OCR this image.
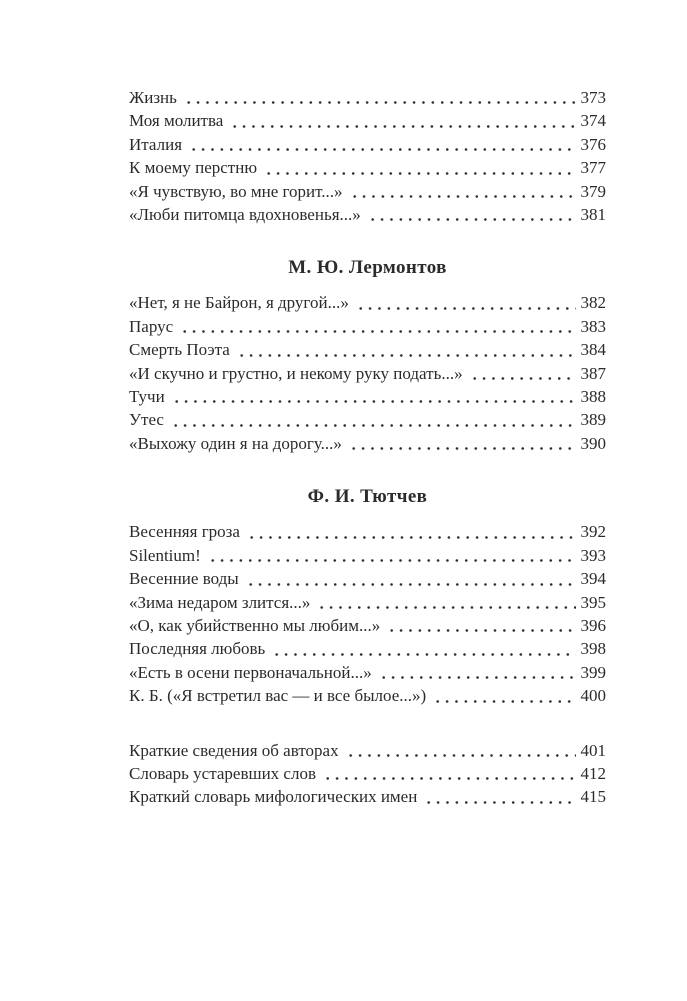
Жизнь	373
Моя молитва	374
Италия	376
К моему перстню	377
«Я чувствую, во мне горит...»	379
«Люби питомца вдохновенья...»	381
М. Ю. Лермонтов
«Нет, я не Байрон, я другой...»	382
Парус	383
Смерть Поэта	384
«И скучно и грустно, и некому руку подать...»	387
Тучи	388
Утес	389
«Выхожу один я на дорогу...»	390
Ф. И. Тютчев
Весенняя гроза	392
Silentium!	393
Весенние воды	394
«Зима недаром злится...»	395
«О, как убийственно мы любим...»	396
Последняя любовь	398
«Есть в осени первоначальной...»	399
К. Б. («Я встретил вас — и все былое...»)	400
Краткие сведения об авторах	401
Словарь устаревших слов	412
Краткий словарь мифологических имен	415
